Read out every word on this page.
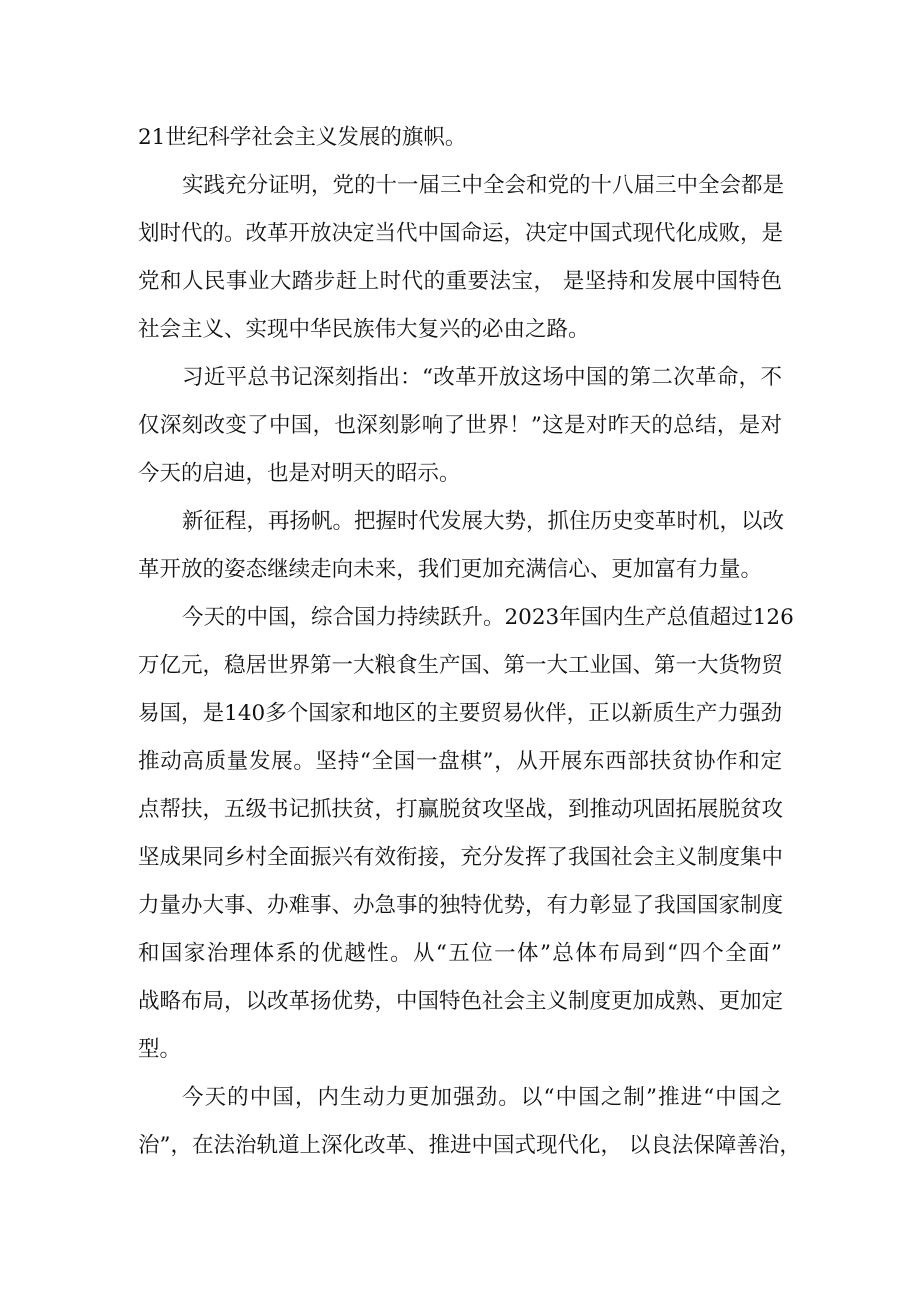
21世纪科学社会主义发展的旗帜。
实践充分证明，党的十一届三中全会和党的十八届三中全会都是
划时代的。改革开放决定当代中国命运，决定中国式现代化成败，是
党和人民事业大踏步赶上时代的重要法宝， 是坚持和发展中国特色
社会主义、实现中华民族伟大复兴的必由之路。
习近平总书记深刻指出：“改革开放这场中国的第二次革命，不
仅深刻改变了中国，也深刻影响了世界！”这是对昨天的总结，是对
今天的启迪，也是对明天的昭示。
新征程，再扬帆。把握时代发展大势，抓住历史变革时机，以改
革开放的姿态继续走向未来，我们更加充满信心、更加富有力量。
今天的中国，综合国力持续跃升。2023年国内生产总值超过126
万亿元，稳居世界第一大粮食生产国、第一大工业国、第一大货物贸
易国，是140多个国家和地区的主要贸易伙伴，正以新质生产力强劲
推动高质量发展。坚持“全国一盘棋”，从开展东西部扶贫协作和定
点帮扶，五级书记抓扶贫，打赢脱贫攻坚战，到推动巩固拓展脱贫攻
坚成果同乡村全面振兴有效衔接，充分发挥了我国社会主义制度集中
力量办大事、办难事、办急事的独特优势，有力彰显了我国国家制度
和国家治理体系的优越性。从“五位一体”总体布局到“四个全面”
战略布局，以改革扬优势，中国特色社会主义制度更加成熟、更加定
型。
今天的中国，内生动力更加强劲。以“中国之制”推进“中国之
治”，在法治轨道上深化改革、推进中国式现代化， 以良法保障善治，
